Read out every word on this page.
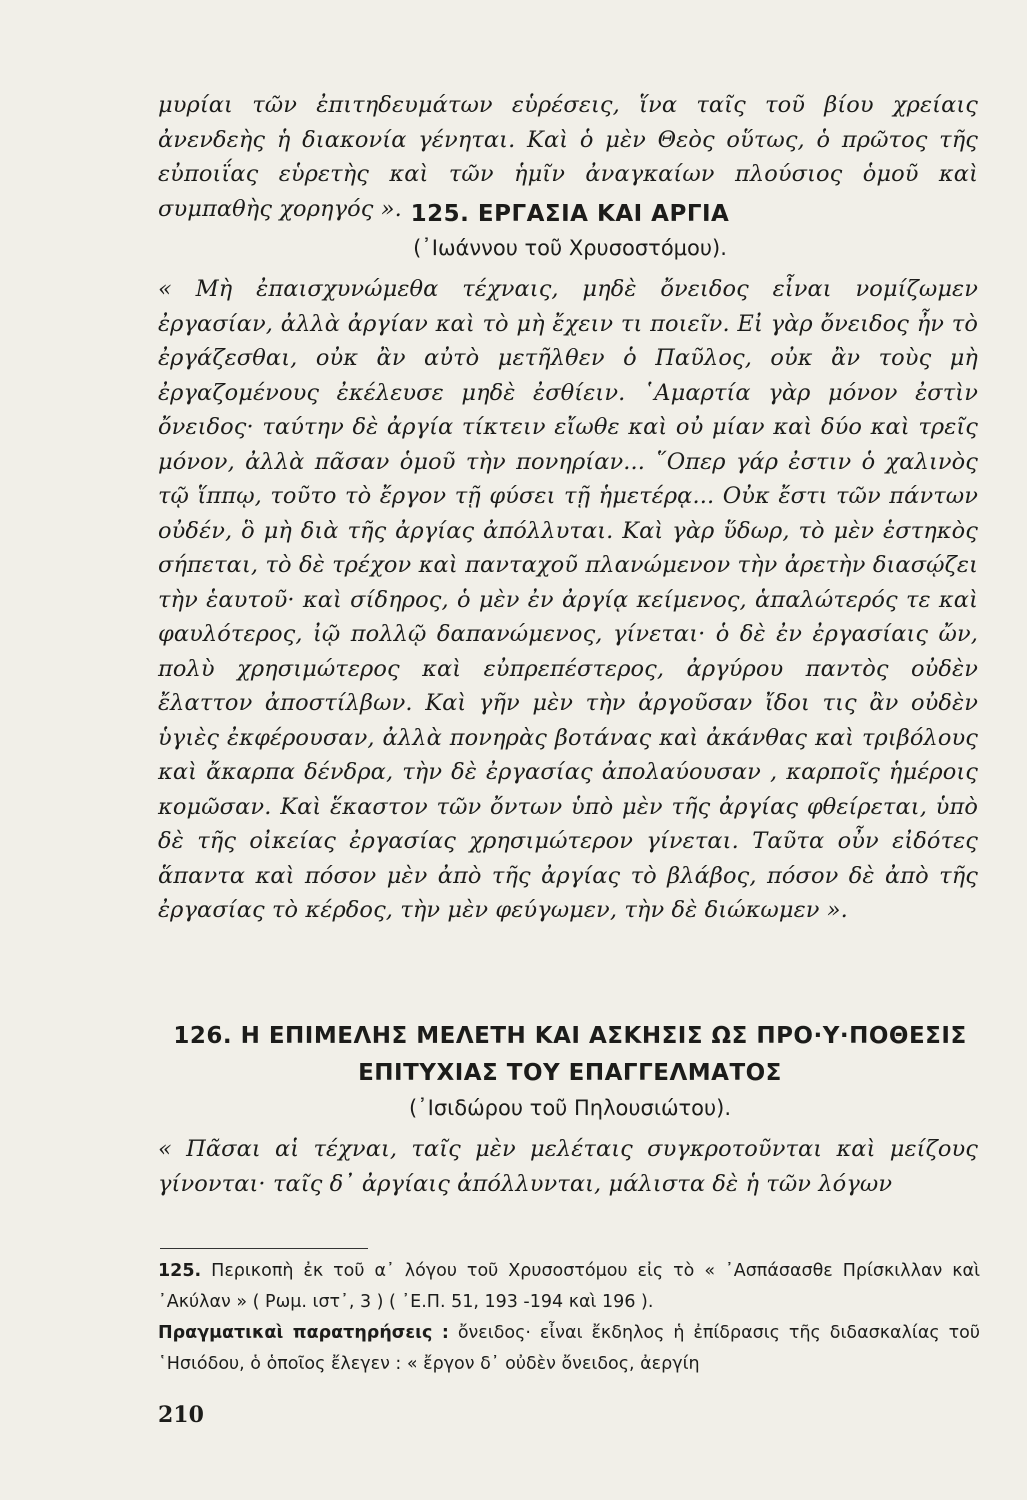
μυρίαι τῶν ἐπιτηδευμάτων εὑρέσεις, ἵνα ταῖς τοῦ βίου χρείαις ἀνενδεὴς ἡ διακονία γένηται. Καὶ ὁ μὲν Θεὸς οὕτως, ὁ πρῶτος τῆς εὐποιΐας εὑρετὴς καὶ τῶν ἡμῖν ἀναγκαίων πλούσιος ὁμοῦ καὶ συμπαθὴς χορηγός ». 125. ΕΡΓΑΣΙΑ ΚΑΙ ΑΡΓΙΑ
(᾿Ιωάννου τοῦ Χρυσοστόμου).

« Μὴ ἐπαισχυνώμεθα τέχναις, μηδὲ ὄνειδος εἶναι νομίζωμεν ἐργασίαν, ἀλλὰ ἀργίαν καὶ τὸ μὴ ἔχειν τι ποιεῖν. Εἰ γὰρ ὄνειδος ἦν τὸ ἐργάζεσθαι, οὐκ ἂν αὐτὸ μετῆλθεν ὁ Παῦλος, οὐκ ἂν τοὺς μὴ ἐργαζομένους ἐκέλευσε μηδὲ ἐσθίειν. ῾Αμαρτία γὰρ μόνον ἐστὶν ὄνειδος· ταύτην δὲ ἀργία τίκτειν εἴωθε καὶ οὐ μίαν καὶ δύο καὶ τρεῖς μόνον, ἀλλὰ πᾶσαν ὁμοῦ τὴν πονηρίαν... ῞Οπερ γάρ ἐστιν ὁ χαλινὸς τῷ ἵππῳ, τοῦτο τὸ ἔργον τῇ φύσει τῇ ἡμετέρᾳ... Οὐκ ἔστι τῶν πάντων οὐδέν, ὃ μὴ διὰ τῆς ἀργίας ἀπόλλυται. Καὶ γὰρ ὕδωρ, τὸ μὲν ἑστηκὸς σήπεται, τὸ δὲ τρέχον καὶ πανταχοῦ πλανώμενον τὴν ἀρετὴν διασῴζει τὴν ἑαυτοῦ· καὶ σίδηρος, ὁ μὲν ἐν ἀργίᾳ κείμενος, ἁπαλώτερός τε καὶ φαυλότερος, ἰῷ πολλῷ δαπανώμενος, γίνεται· ὁ δὲ ἐν ἐργασίαις ὤν, πολὺ χρησιμώτερος καὶ εὐπρεπέστερος, ἀργύρου παντὸς οὐδὲν ἔλαττον ἀποστίλβων. Καὶ γῆν μὲν τὴν ἀργοῦσαν ἴδοι τις ἂν οὐδὲν ὑγιὲς ἐκφέρουσαν, ἀλλὰ πονηρὰς βοτάνας καὶ ἀκάνθας καὶ τριβόλους καὶ ἄκαρπα δένδρα, τὴν δὲ ἐργασίας ἀπολαύουσαν , καρποῖς ἡμέροις κομῶσαν. Καὶ ἕκαστον τῶν ὄντων ὑπὸ μὲν τῆς ἀργίας φθείρεται, ὑπὸ δὲ τῆς οἰκείας ἐργασίας χρησιμώτερον γίνεται. Ταῦτα οὖν εἰδότες ἅπαντα καὶ πόσον μὲν ἀπὸ τῆς ἀργίας τὸ βλάβος, πόσον δὲ ἀπὸ τῆς ἐργασίας τὸ κέρδος, τὴν μὲν φεύγωμεν, τὴν δὲ διώκωμεν ».

126. Η ΕΠΙΜΕΛΗΣ ΜΕΛΕΤΗ ΚΑΙ ΑΣΚΗΣΙΣ ΩΣ ΠΡΟ·Υ·ΠΟΘΕΣΙΣ
ΕΠΙΤΥΧΙΑΣ ΤΟΥ ΕΠΑΓΓΕΛΜΑΤΟΣ
(᾿Ισιδώρου τοῦ Πηλουσιώτου).

« Πᾶσαι αἱ τέχναι, ταῖς μὲν μελέταις συγκροτοῦνται καὶ μείζους γίνονται· ταῖς δ᾿ ἀργίαις ἀπόλλυνται, μάλιστα δὲ ἡ τῶν λόγων

125. Περικοπὴ ἐκ τοῦ α᾿ λόγου τοῦ Χρυσοστόμου εἰς τὸ « ᾿Ασπάσασθε Πρίσκιλλαν καὶ ᾿Ακύλαν » ( Ρωμ. ιστ᾿, 3 ) ( ᾿Ε.Π. 51, 193 -194 καὶ 196 ).

Πραγματικαὶ παρατηρήσεις : ὄνειδος· εἶναι ἔκδηλος ἡ ἐπίδρασις τῆς διδασκαλίας τοῦ ῾Ησιόδου, ὁ ὁποῖος ἔλεγεν : « ἔργον δ᾿ οὐδὲν ὄνειδος, ἀεργίη

210
